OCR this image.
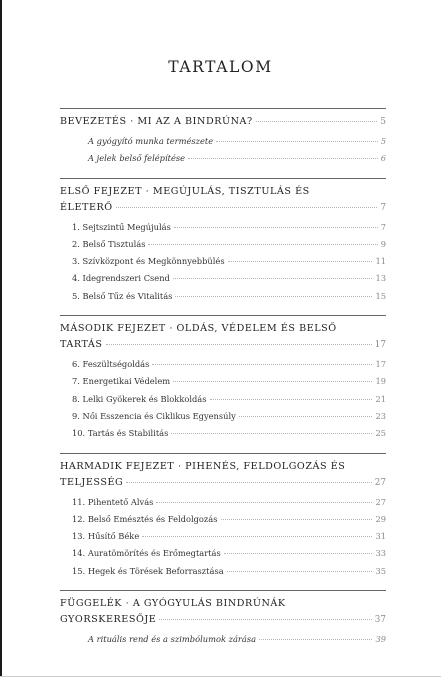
TARTALOM
BEVEZETÉS · MI AZ A BINDRÚNA?	5
A gyógyító munka természete	5
A jelek belső felépítése	6
ELSŐ FEJEZET · MEGÚJULÁS, TISZTULÁS ÉS
ÉLETERŐ	7
1. Sejtszintű Megújulás	7
2. Belső Tisztulás	9
3. Szívközpont és Megkönnyebbülés	11
4. Idegrendszeri Csend	13
5. Belső Tűz és Vitalitás	15
MÁSODIK FEJEZET · OLDÁS, VÉDELEM ÉS BELSŐ
TARTÁS	17
6. Feszültségoldás	17
7. Energetikai Védelem	19
8. Lelki Gyökerek és Blokkoldás	21
9. Női Esszencia és Ciklikus Egyensúly	23
10. Tartás és Stabilitás	25
HARMADIK FEJEZET · PIHENÉS, FELDOLGOZÁS ÉS
TELJESSÉG	27
11. Pihentető Alvás	27
12. Belső Emésztés és Feldolgozás	29
13. Hűsítő Béke	31
14. Auratömörítés és Erőmegtartás	33
15. Hegek és Törések Beforrasztása	35
FÜGGELÉK · A GYÓGYULÁS BINDRÚNÁK
GYORSKERESŐJE	37
A rituális rend és a szimbólumok zárása	39
